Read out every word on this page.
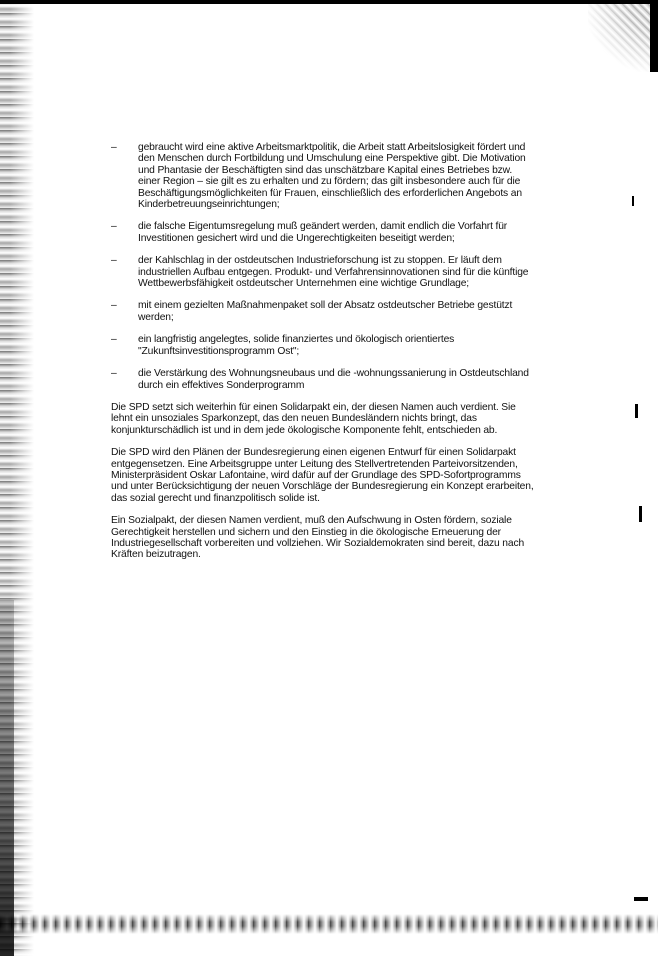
– gebraucht wird eine aktive Arbeitsmarktpolitik, die Arbeit statt Arbeitslosigkeit fördert und den Menschen durch Fortbildung und Umschulung eine Perspektive gibt. Die Motivation und Phantasie der Beschäftigten sind das unschätzbare Kapital eines Betriebes bzw. einer Region – sie gilt es zu erhalten und zu fördern; das gilt insbesondere auch für die Beschäftigungsmöglichkeiten für Frauen, einschließlich des erforderlichen Angebots an Kinderbetreuungseinrichtungen;
– die falsche Eigentumsregelung muß geändert werden, damit endlich die Vorfahrt für Investitionen gesichert wird und die Ungerechtigkeiten beseitigt werden;
– der Kahlschlag in der ostdeutschen Industrieforschung ist zu stoppen. Er läuft dem industriellen Aufbau entgegen. Produkt- und Verfahrensinnovationen sind für die künftige Wettbewerbsfähigkeit ostdeutscher Unternehmen eine wichtige Grundlage;
– mit einem gezielten Maßnahmenpaket soll der Absatz ostdeutscher Betriebe gestützt werden;
– ein langfristig angelegtes, solide finanziertes und ökologisch orientiertes "Zukunftsinvestitionsprogramm Ost";
– die Verstärkung des Wohnungsneubaus und die -wohnungssanierung in Ostdeutschland durch ein effektives Sonderprogramm

Die SPD setzt sich weiterhin für einen Solidarpakt ein, der diesen Namen auch verdient. Sie lehnt ein unsoziales Sparkonzept, das den neuen Bundesländern nichts bringt, das konjunkturschädlich ist und in dem jede ökologische Komponente fehlt, entschieden ab.

Die SPD wird den Plänen der Bundesregierung einen eigenen Entwurf für einen Solidarpakt entgegensetzen. Eine Arbeitsgruppe unter Leitung des Stellvertretenden Parteivorsitzenden, Ministerpräsident Oskar Lafontaine, wird dafür auf der Grundlage des SPD-Sofortprogramms und unter Berücksichtigung der neuen Vorschläge der Bundesregierung ein Konzept erarbeiten, das sozial gerecht und finanzpolitisch solide ist.

Ein Sozialpakt, der diesen Namen verdient, muß den Aufschwung in Osten fördern, soziale Gerechtigkeit herstellen und sichern und den Einstieg in die ökologische Erneuerung der Industriegesellschaft vorbereiten und vollziehen. Wir Sozialdemokraten sind bereit, dazu nach Kräften beizutragen.
